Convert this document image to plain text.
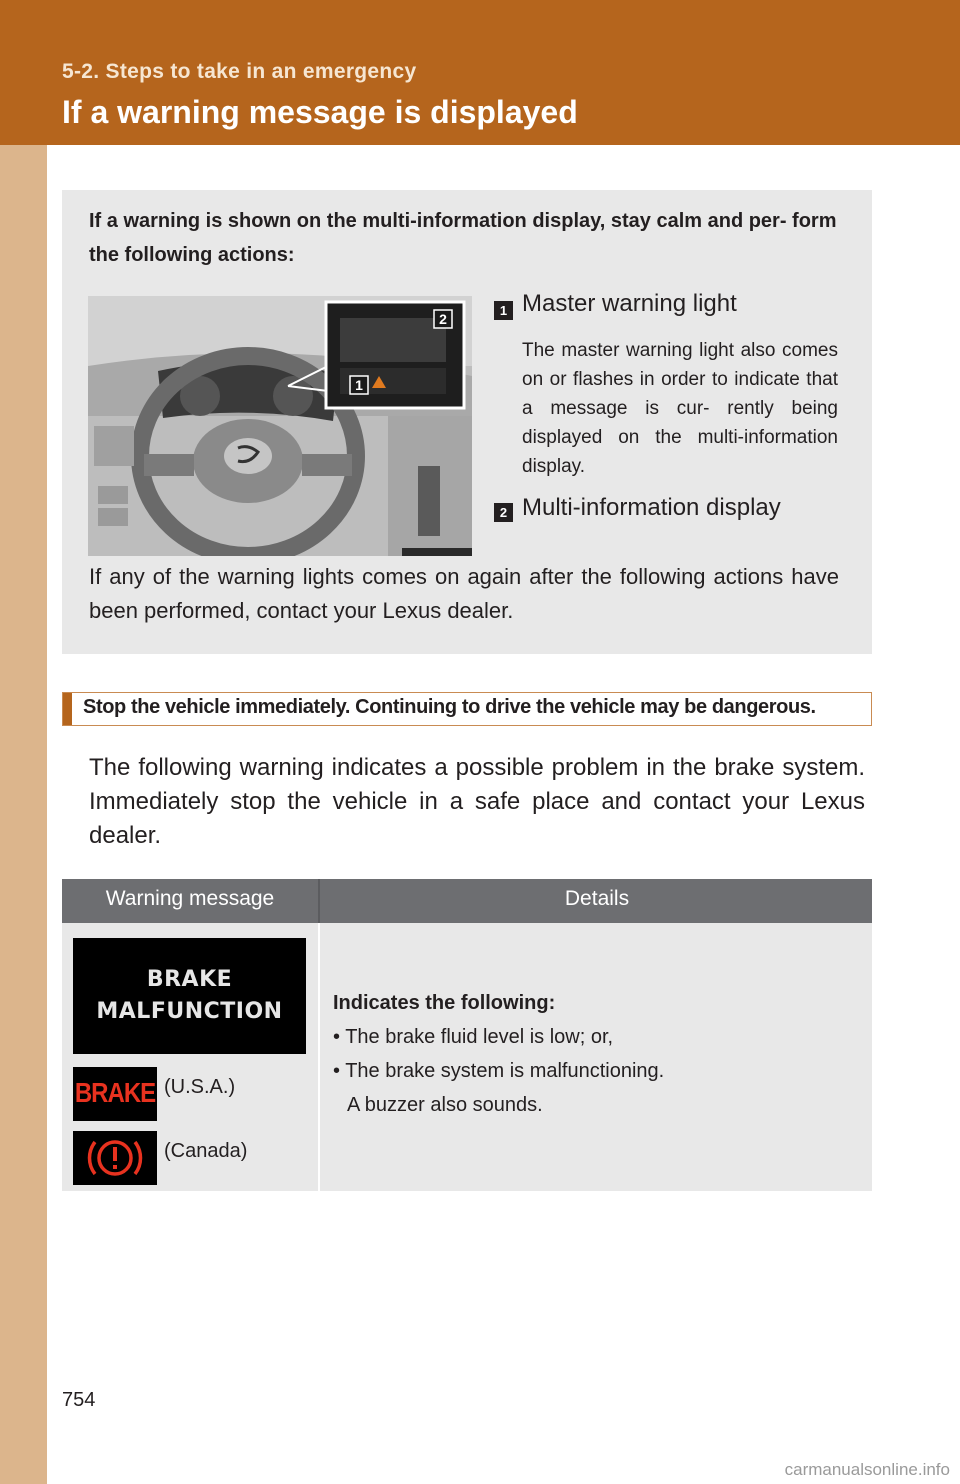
5-2. Steps to take in an emergency
If a warning message is displayed
If a warning is shown on the multi-information display, stay calm and per- form the following actions:
2
1
1 Master warning light
The master warning light also comes on or flashes in order to indicate that a message is cur- rently being displayed on the multi-information display.
2 Multi-information display
If any of the warning lights comes on again after the following actions have been performed, contact your Lexus dealer.
Stop the vehicle immediately. Continuing to drive the vehicle may be dangerous.
The following warning indicates a possible problem in the brake system. Immediately stop the vehicle in a safe place and contact your Lexus dealer.
Warning message	Details
BRAKE
MALFUNCTION
BRAKE (U.S.A.)
(Canada)
Indicates the following:
• The brake fluid level is low; or,
• The brake system is malfunctioning.
A buzzer also sounds.
754
carmanualsonline.info
